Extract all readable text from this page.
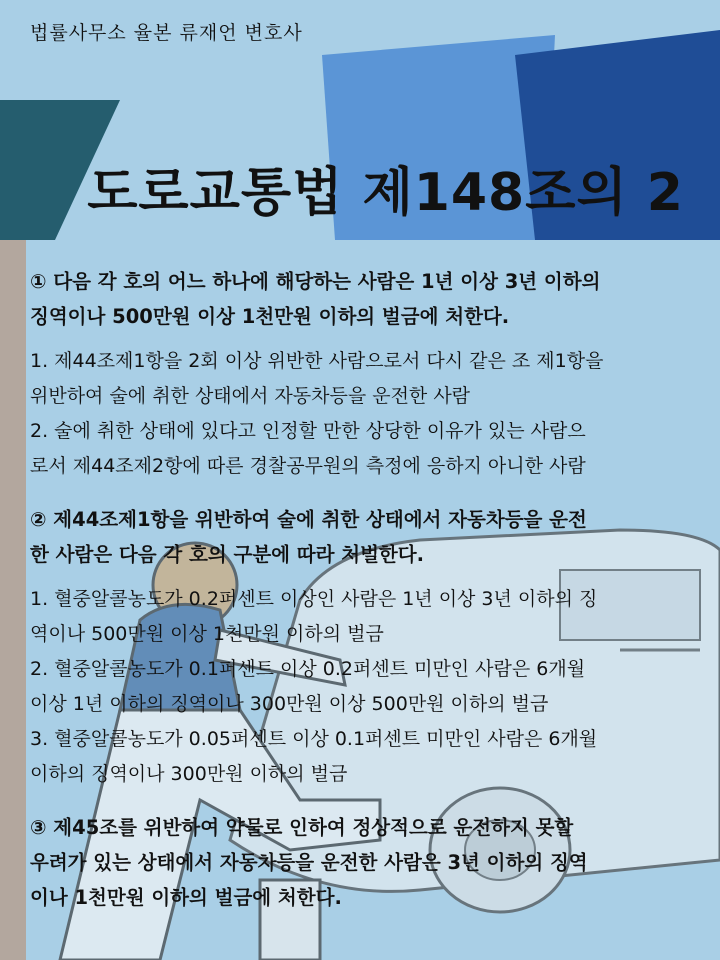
법률사무소 율본 류재언 변호사
도로교통법 제148조의 2
① 다음 각 호의 어느 하나에 해당하는 사람은 1년 이상 3년 이하의
징역이나 500만원 이상 1천만원 이하의 벌금에 처한다.
1. 제44조제1항을 2회 이상 위반한 사람으로서 다시 같은 조 제1항을
위반하여 술에 취한 상태에서 자동차등을 운전한 사람
2. 술에 취한 상태에 있다고 인정할 만한 상당한 이유가 있는 사람으
로서 제44조제2항에 따른 경찰공무원의 측정에 응하지 아니한 사람
② 제44조제1항을 위반하여 술에 취한 상태에서 자동차등을 운전
한 사람은 다음 각 호의 구분에 따라 처벌한다.
1. 혈중알콜농도가 0.2퍼센트 이상인 사람은 1년 이상 3년 이하의 징
역이나 500만원 이상 1천만원 이하의 벌금
2. 혈중알콜농도가 0.1퍼센트 이상 0.2퍼센트 미만인 사람은 6개월
이상 1년 이하의 징역이나 300만원 이상 500만원 이하의 벌금
3. 혈중알콜농도가 0.05퍼센트 이상 0.1퍼센트 미만인 사람은 6개월
이하의 징역이나 300만원 이하의 벌금
③ 제45조를 위반하여 약물로 인하여 정상적으로 운전하지 못할
우려가 있는 상태에서 자동차등을 운전한 사람은 3년 이하의 징역
이나 1천만원 이하의 벌금에 처한다.
